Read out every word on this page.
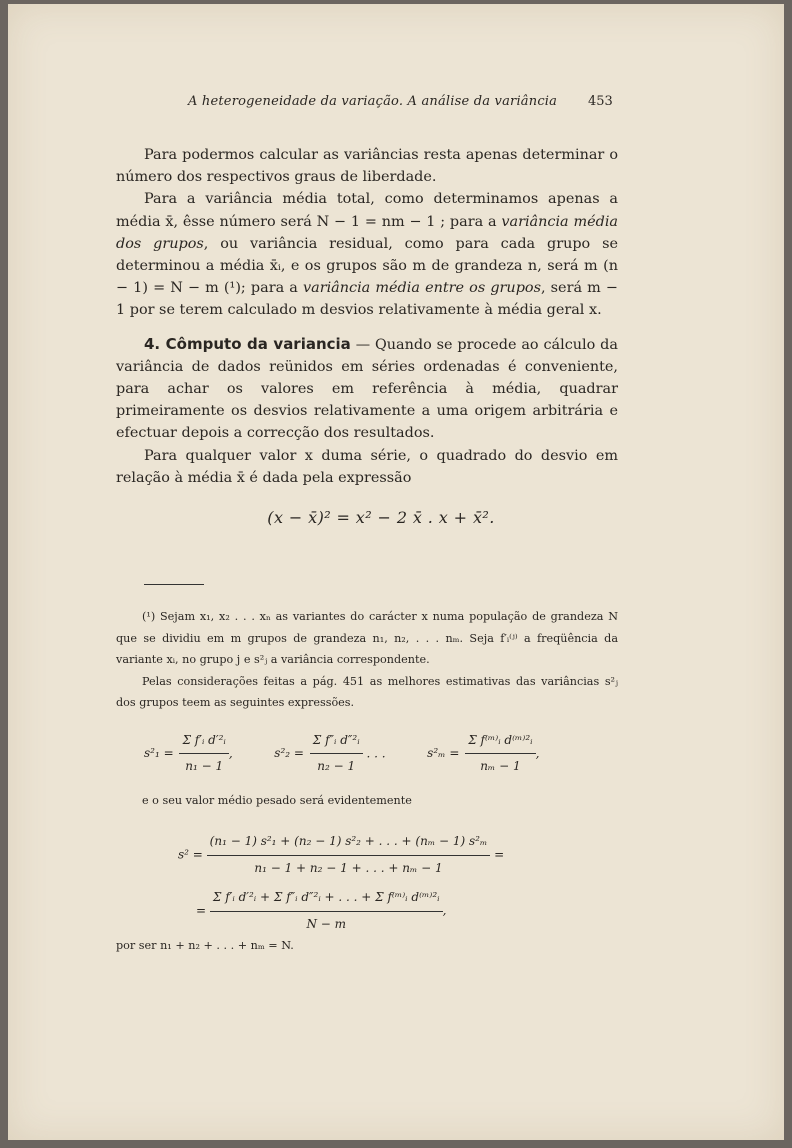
A heterogeneidade da variação. A análise da variância	453

Para podermos calcular as variâncias resta apenas determinar o número dos respectivos graus de liberdade.

Para a variância média total, como determinamos apenas a média x̄, êsse número será N − 1 = nm − 1 ; para a variância média dos grupos, ou variância residual, como para cada grupo se determinou a média x̄ᵢ, e os grupos são m de grandeza n, será m (n − 1) = N − m (¹); para a variância média entre os grupos, será m − 1 por se terem calculado m desvios relativamente à média geral x.

4. Cômputo da variancia — Quando se procede ao cálculo da variância de dados reünidos em séries ordenadas é conveniente, para achar os valores em referência à média, quadrar primeiramente os desvios relativamente a uma origem arbitrária e efectuar depois a correcção dos resultados.

Para qualquer valor x duma série, o quadrado do desvio em relação à média x̄ é dada pela expressão

(x − x̄)² = x² − 2 x̄ . x + x̄².

(¹) Sejam x₁, x₂ . . . xₙ as variantes do carácter x numa população de grandeza N que se dividiu em m grupos de grandeza n₁, n₂, . . . nₘ. Seja f′ᵢ⁽ʲ⁾ a freqüência da variante xᵢ, no grupo j e s²ⱼ a variância correspondente.

Pelas considerações feitas a pág. 451 as melhores estimativas das variâncias s²ⱼ dos grupos teem as seguintes expressões.

$s^2_1 = \frac{\text{Σ f′ᵢ d′²ᵢ}}{\text{n₁ − 1}}$ ,	$s^2_2 = \frac{\text{Σ f″ᵢ d″²ᵢ}}{\text{n₂ − 1}}$ . . .	$s^2_m = \frac{\text{Σ f⁽ᵐ⁾ᵢ d⁽ᵐ⁾²ᵢ}}{\text{nₘ − 1}}$ ,

e o seu valor médio pesado será evidentemente

$s^2 = \frac{\text{(n₁ − 1) s²₁ + (n₂ − 1) s²₂ + . . . + (nₘ − 1) s²ₘ}}{\text{n₁ − 1 + n₂ − 1 + . . . + nₘ − 1}}$ =
= $\frac{\text{Σ f′ᵢ d′²ᵢ + Σ f″ᵢ d″²ᵢ + . . . + Σ f⁽ᵐ⁾ᵢ d⁽ᵐ⁾²ᵢ}}{N - m}$ ,

por ser n₁ + n₂ + . . . + nₘ = N.
